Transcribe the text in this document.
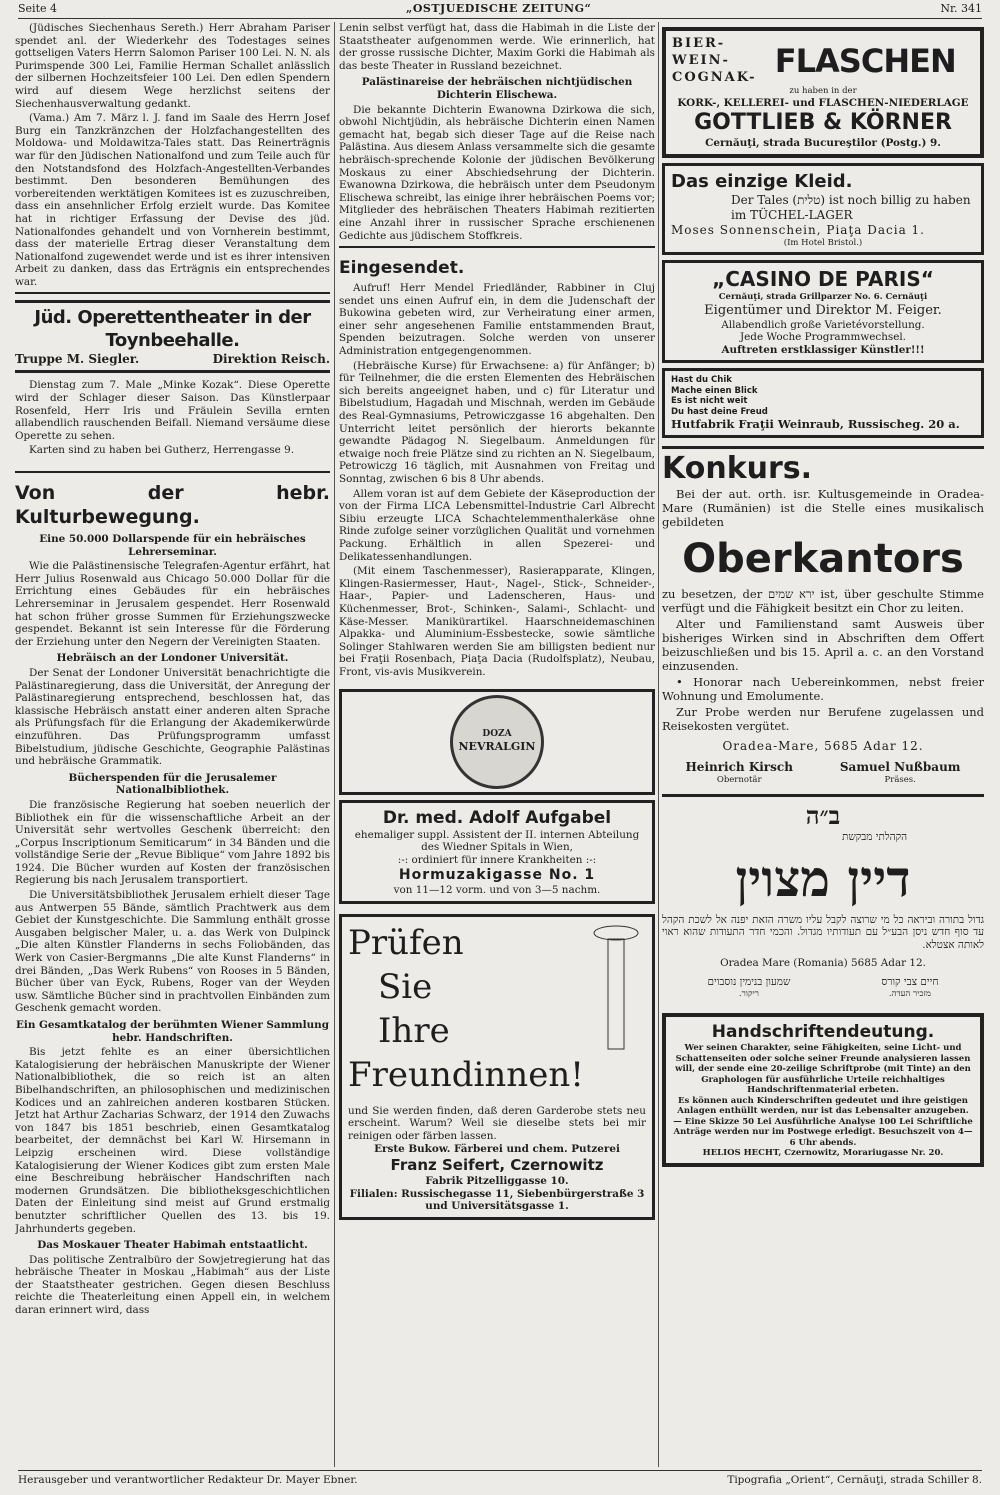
Seite 4	„OSTJUEDISCHE ZEITUNG“	Nr. 341

(Jüdisches Siechenhaus Sereth.) Herr Abraham Pariser spendet anl. der Wiederkehr des Todestages seines gottseligen Vaters Herrn Salomon Pariser 100 Lei. N. N. als Purimspende 300 Lei, Familie Herman Schallet anlässlich der silbernen Hochzeitsfeier 100 Lei. Den edlen Spendern wird auf diesem Wege herzlichst seitens der Siechenhausverwaltung gedankt.

(Vama.) Am 7. März l. J. fand im Saale des Herrn Josef Burg ein Tanzkränzchen der Holzfachangestellten des Moldowa- und Moldawitza-Tales statt. Das Reinerträgnis war für den Jüdischen Nationalfond und zum Teile auch für den Notstandsfond des Holzfach-Angestellten-Verbandes bestimmt. Den besonderen Bemühungen des vorbereitenden werktätigen Komitees ist es zuzuschreiben, dass ein ansehnlicher Erfolg erzielt wurde. Das Komitee hat in richtiger Erfassung der Devise des jüd. Nationalfondes gehandelt und von Vornherein bestimmt, dass der materielle Ertrag dieser Veranstaltung dem Nationalfond zugewendet werde und ist es ihrer intensiven Arbeit zu danken, dass das Erträgnis ein entsprechendes war.

Jüd. Operettentheater in der Toynbeehalle.
Truppe M. Siegler.	Direktion Reisch.

Dienstag zum 7. Male „Minke Kozak“. Diese Operette wird der Schlager dieser Saison. Das Künstlerpaar Rosenfeld, Herr Iris und Fräulein Sevilla ernten allabendlich rauschenden Beifall. Niemand versäume diese Operette zu sehen.

Karten sind zu haben bei Gutherz, Herrengasse 9.

Von der hebr. Kulturbewegung.
Eine 50.000 Dollarspende für ein hebräisches Lehrerseminar.

Wie die Palästinensische Telegrafen-Agentur erfährt, hat Herr Julius Rosenwald aus Chicago 50.000 Dollar für die Errichtung eines Gebäudes für ein hebräisches Lehrerseminar in Jerusalem gespendet. Herr Rosenwald hat schon früher grosse Summen für Erziehungszwecke gespendet. Bekannt ist sein Interesse für die Förderung der Erziehung unter den Negern der Vereinigten Staaten.

Hebräisch an der Londoner Universität.

Der Senat der Londoner Universität benachrichtigte die Palästinaregierung, dass die Universität, der Anregung der Palästinaregierung entsprechend, beschlossen hat, das klassische Hebräisch anstatt einer anderen alten Sprache als Prüfungsfach für die Erlangung der Akademikerwürde einzuführen. Das Prüfungsprogramm umfasst Bibelstudium, jüdische Geschichte, Geographie Palästinas und hebräische Grammatik.

Bücherspenden für die Jerusalemer Nationalbibliothek.

Die französische Regierung hat soeben neuerlich der Bibliothek ein für die wissenschaftliche Arbeit an der Universität sehr wertvolles Geschenk überreicht: den „Corpus Inscriptionum Semiticarum“ in 34 Bänden und die vollständige Serie der „Revue Biblique“ vom Jahre 1892 bis 1924. Die Bücher wurden auf Kosten der französischen Regierung bis nach Jerusalem transportiert.

Die Universitätsbibliothek Jerusalem erhielt dieser Tage aus Antwerpen 55 Bände, sämtlich Prachtwerk aus dem Gebiet der Kunstgeschichte. Die Sammlung enthält grosse Ausgaben belgischer Maler, u. a. das Werk von Dulpinck „Die alten Künstler Flanderns in sechs Foliobänden, das Werk von Casier-Bergmanns „Die alte Kunst Flanderns“ in drei Bänden, „Das Werk Rubens“ von Rooses in 5 Bänden, Bücher über van Eyck, Rubens, Roger van der Weyden usw. Sämtliche Bücher sind in prachtvollen Einbänden zum Geschenk gemacht worden.

Ein Gesamtkatalog der berühmten Wiener Sammlung hebr. Handschriften.

Bis jetzt fehlte es an einer übersichtlichen Katalogisierung der hebräischen Manuskripte der Wiener Nationalbibliothek, die so reich ist an alten Bibelhandschriften, an philosophischen und medizinischen Kodices und an zahlreichen anderen kostbaren Stücken. Jetzt hat Arthur Zacharias Schwarz, der 1914 den Zuwachs von 1847 bis 1851 beschrieb, einen Gesamtkatalog bearbeitet, der demnächst bei Karl W. Hirsemann in Leipzig erscheinen wird. Diese vollständige Katalogisierung der Wiener Kodices gibt zum ersten Male eine Beschreibung hebräischer Handschriften nach modernen Grundsätzen. Die bibliotheksgeschichtlichen Daten der Einleitung sind meist auf Grund erstmalig benutzter schriftlicher Quellen des 13. bis 19. Jahrhunderts gegeben.

Das Moskauer Theater Habimah entstaatlicht.

Das politische Zentralbüro der Sowjetregierung hat das hebräische Theater in Moskau „Habimah“ aus der Liste der Staatstheater gestrichen. Gegen diesen Beschluss reichte die Theaterleitung einen Appell ein, in welchem daran erinnert wird, dass

Lenin selbst verfügt hat, dass die Habimah in die Liste der Staatstheater aufgenommen werde. Wie erinnerlich, hat der grosse russische Dichter, Maxim Gorki die Habimah als das beste Theater in Russland bezeichnet.

Palästinareise der hebräischen nichtjüdischen Dichterin Elischewa.

Die bekannte Dichterin Ewanowna Dzirkowa die sich, obwohl Nichtjüdin, als hebräische Dichterin einen Namen gemacht hat, begab sich dieser Tage auf die Reise nach Palästina. Aus diesem Anlass versammelte sich die gesamte hebräisch-sprechende Kolonie der jüdischen Bevölkerung Moskaus zu einer Abschiedsehrung der Dichterin. Ewanowna Dzirkowa, die hebräisch unter dem Pseudonym Elischewa schreibt, las einige ihrer hebräischen Poems vor; Mitglieder des hebräischen Theaters Habimah rezitierten eine Anzahl ihrer in russischer Sprache erschienenen Gedichte aus jüdischem Stoffkreis.

Eingesendet.

Aufruf! Herr Mendel Friedländer, Rabbiner in Cluj sendet uns einen Aufruf ein, in dem die Judenschaft der Bukowina gebeten wird, zur Verheiratung einer armen, einer sehr angesehenen Familie entstammenden Braut, Spenden beizutragen. Solche werden von unserer Administration entgegengenommen.

(Hebräische Kurse) für Erwachsene: a) für Anfänger; b) für Teilnehmer, die die ersten Elementen des Hebräischen sich bereits angeeignet haben, und c) für Literatur und Bibelstudium, Hagadah und Mischnah, werden im Gebäude des Real-Gymnasiums, Petrowiczgasse 16 abgehalten. Den Unterricht leitet persönlich der hierorts bekannte gewandte Pädagog N. Siegelbaum. Anmeldungen für etwaige noch freie Plätze sind zu richten an N. Siegelbaum, Petrowiczg 16 täglich, mit Ausnahmen von Freitag und Sonntag, zwischen 6 bis 8 Uhr abends.

Allem voran ist auf dem Gebiete der Käseproduction der von der Firma LICA Lebensmittel-Industrie Carl Albrecht Sibiu erzeugte LICA Schachtelemmenthalerkäse ohne Rinde zufolge seiner vorzüglichen Qualität und vornehmen Packung. Erhältlich in allen Spezerei- und Delikatessenhandlungen.

(Mit einem Taschenmesser), Rasierapparate, Klingen, Klingen-Rasiermesser, Haut-, Nagel-, Stick-, Schneider-, Haar-, Papier- und Ladenscheren, Haus- und Küchenmesser, Brot-, Schinken-, Salami-, Schlacht- und Käse-Messer. Manikürartikel. Haarschneidemaschinen Alpakka- und Aluminium-Essbestecke, sowie sämtliche Solinger Stahlwaren werden Sie am billigsten bedient nur bei Fraţii Rosenbach, Piaţa Dacia (Rudolfsplatz), Neubau, Front, vis-avis Musikverein.

DOZA
NEVRALGIN
Dr. med. Adolf Aufgabel
ehemaliger suppl. Assistent der II. internen Abteilung des Wiedner Spitals in Wien,
:-: ordiniert für innere Krankheiten :-:
Hormuzakigasse No. 1
von 11—12 vorm. und von 3—5 nachm.
Prüfen
Sie
Ihre
Freundinnen!
und Sie werden finden, daß deren Garderobe stets neu erscheint. Warum? Weil sie dieselbe stets bei mir reinigen oder färben lassen.
Erste Bukow. Färberei und chem. Putzerei
Franz Seifert, Czernowitz
Fabrik Pitzelliggasse 10.
Filialen: Russischegasse 11, Siebenbürgerstraße 3 und Universitätsgasse 1.
BIER-
WEIN-
COGNAK- FLASCHEN
zu haben in der
KORK-, KELLEREI- und FLASCHEN-NIEDERLAGE
GOTTLIEB & KÖRNER
Cernăuţi, strada Bucureştilor (Postg.) 9.
Das einzige Kleid.
Der Tales (טלית) ist noch billig zu haben im TÜCHEL-LAGER
Moses Sonnenschein, Piaţa Dacia 1.
(Im Hotel Bristol.)
„CASINO DE PARIS“
Cernăuţi, strada Grillparzer No. 6. Cernăuţi
Eigentümer und Direktor M. Feiger.
Allabendlich große Varietévorstellung.
Jede Woche Programmwechsel.
Auftreten erstklassiger Künstler!!!
Hast du Chik
Mache einen Blick
Es ist nicht weit
Du hast deine Freud
Hutfabrik Fraţii Weinraub, Russischeg. 20 a.
Konkurs.

Bei der aut. orth. isr. Kultusgemeinde in Oradea-Mare (Rumänien) ist die Stelle eines musikalisch gebildeten

Oberkantors

zu besetzen, der ירא שמים ist, über geschulte Stimme verfügt und die Fähigkeit besitzt ein Chor zu leiten.

Alter und Familienstand samt Ausweis über bisheriges Wirken sind in Abschriften dem Offert beizuschließen und bis 15. April a. c. an den Vorstand einzusenden.

• Honorar nach Uebereinkommen, nebst freier Wohnung und Emolumente.

Zur Probe werden nur Berufene zugelassen und Reisekosten vergütet.

Oradea-Mare, 5685 Adar 12.
Heinrich Kirsch
Obernotär
Samuel Nußbaum
Präses.
ב״ה
הקהלתי מבקשת
דיין מצוין
גדול בתורה וביראה כל מי שרוצה לקבל עליו משרה הזאת יפנה אל לשכת הקהל עד סוף חדש ניסן הבע״ל עם תעודותיו מגדול. והכמי חדר התעודות שהוא ראוי לאותה אצטלא.
Oradea Mare (Romania) 5685 Adar 12.
חיים צבי קורס
מזכיר העדה.
שמעון בנימין נוסבוים
ריקור.
Handschriftendeutung.
Wer seinen Charakter, seine Fähigkeiten, seine Licht- und Schattenseiten oder solche seiner Freunde analysieren lassen will, der sende eine 20-zeilige Schriftprobe (mit Tinte) an den Graphologen für ausführliche Urteile reichhaltiges Handschriftenmaterial erbeten.
Es können auch Kinderschriften gedeutet und ihre geistigen Anlagen enthüllt werden, nur ist das Lebensalter anzugeben. — Eine Skizze 50 Lei Ausführliche Analyse 100 Lei Schriftliche Anträge werden nur im Postwege erledigt. Besuchszeit von 4—6 Uhr abends.
HELIOS HECHT, Czernowitz, Morariugasse Nr. 20.
Herausgeber und verantwortlicher Redakteur Dr. Mayer Ebner.	Tipografia „Orient“, Cernăuţi, strada Schiller 8.
